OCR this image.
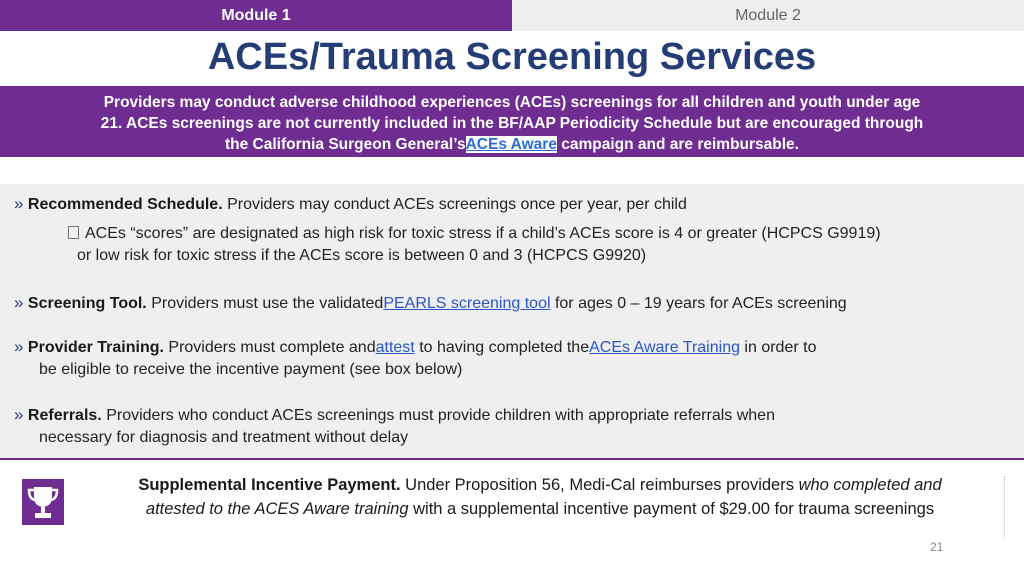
Module 1	Module 2
ACEs/Trauma Screening Services
Providers may conduct adverse childhood experiences (ACEs) screenings for all children and youth under age
21. ACEs screenings are not currently included in the BF/AAP Periodicity Schedule but are encouraged through
the California Surgeon General’sACEs Aware campaign and are reimbursable.
» Recommended Schedule. Providers may conduct ACEs screenings once per year, per child
ACEs “scores” are designated as high risk for toxic stress if a child’s ACEs score is 4 or greater (HCPCS G9919)
or low risk for toxic stress if the ACEs score is between 0 and 3 (HCPCS G9920)
» Screening Tool. Providers must use the validatedPEARLS screening tool for ages 0 – 19 years for ACEs screening
» Provider Training. Providers must complete andattest to having completed theACEs Aware Training in order to
be eligible to receive the incentive payment (see box below)
» Referrals. Providers who conduct ACEs screenings must provide children with appropriate referrals when
necessary for diagnosis and treatment without delay
Supplemental Incentive Payment. Under Proposition 56, Medi-Cal reimburses providers who completed and
attested to the ACES Aware training with a supplemental incentive payment of $29.00 for trauma screenings
21
